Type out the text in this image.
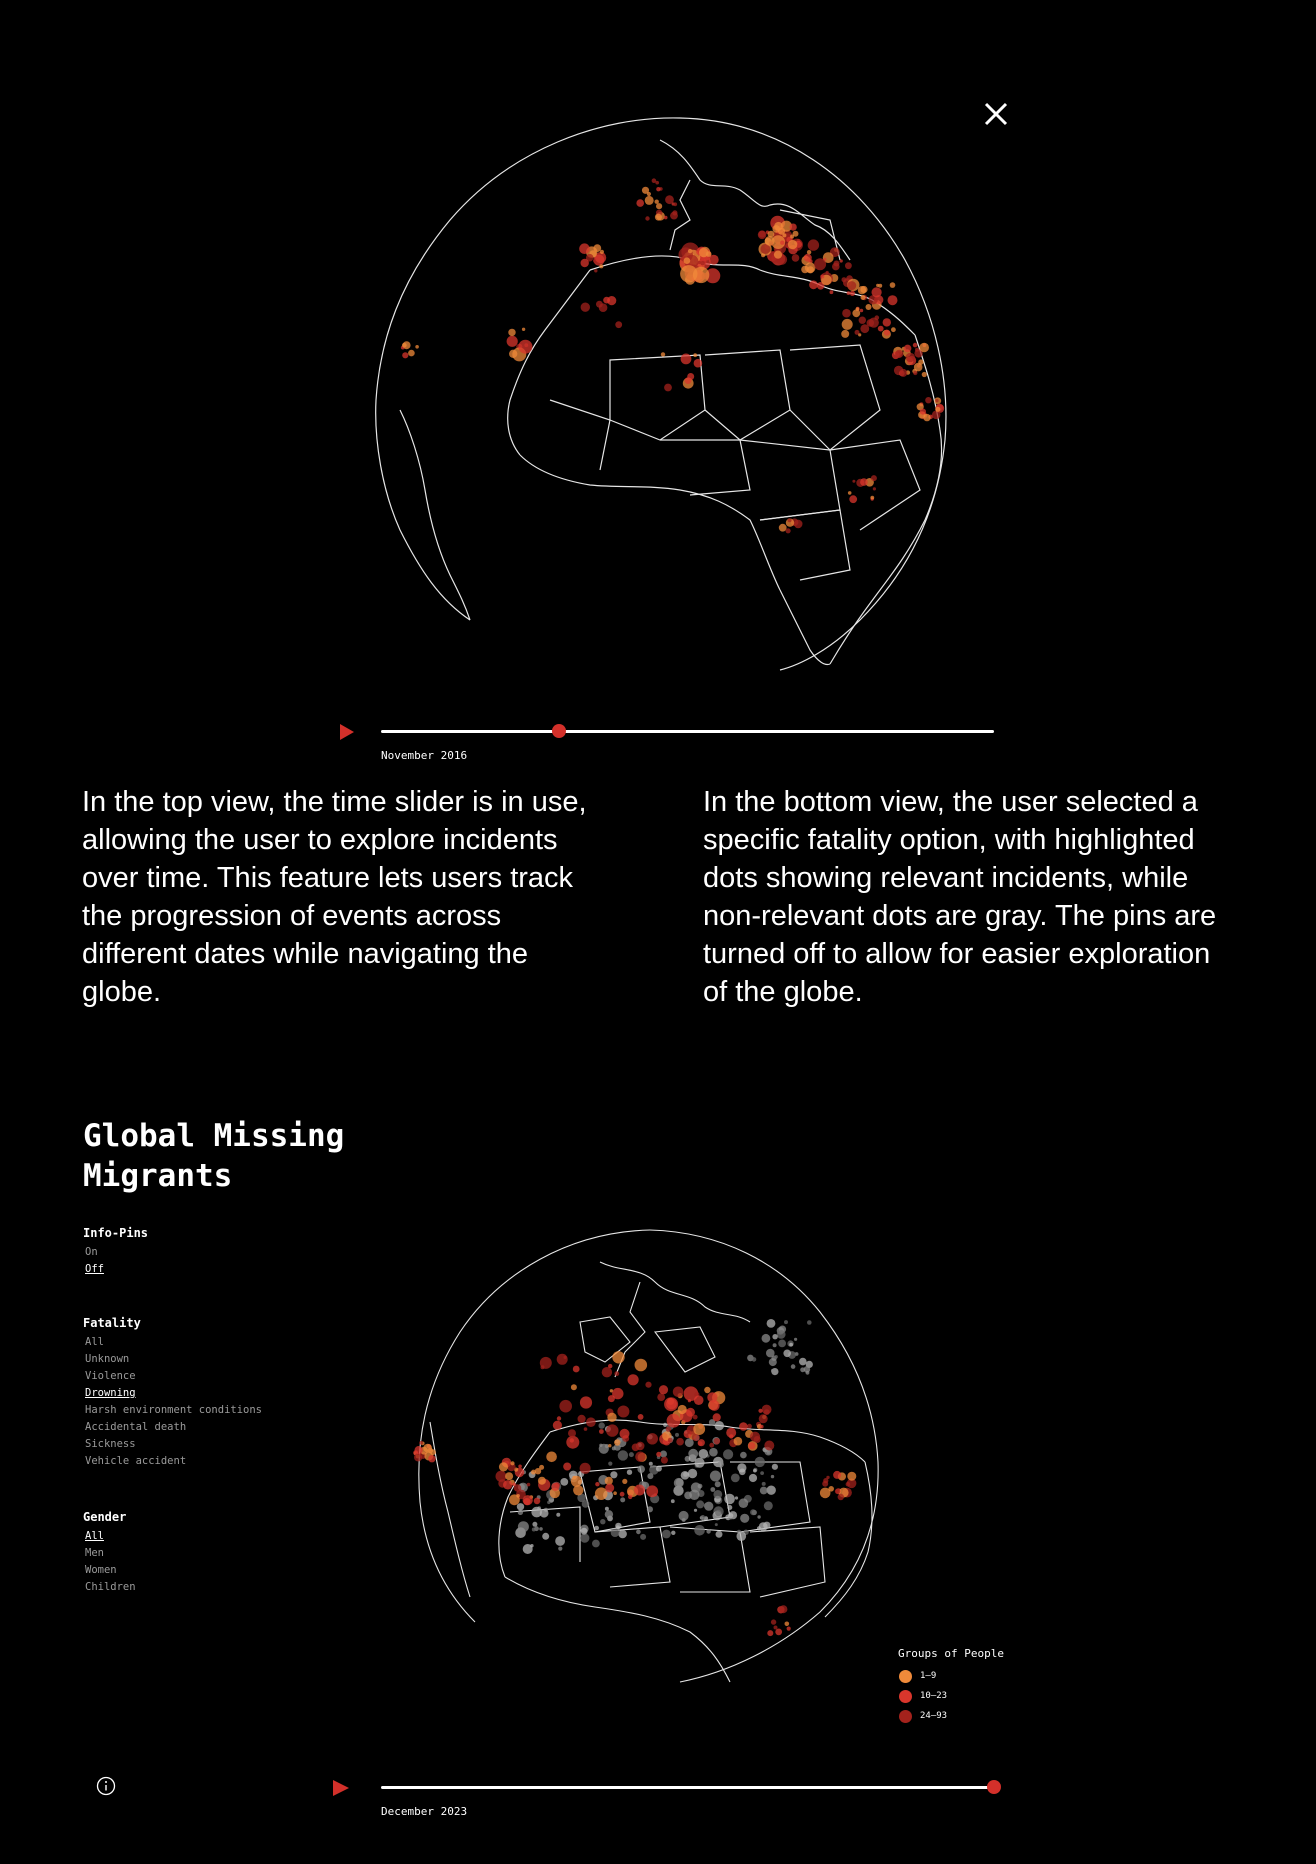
November 2016
In the top view, the time slider is in use, allowing the user to explore incidents over time. This feature lets users track the progression of events across different dates while navigating the globe.
In the bottom view, the user selected a specific fatality option, with highlighted dots showing relevant incidents, while non-relevant dots are gray. The pins are turned off to allow for easier exploration of the globe.
Global Missing
Migrants
Info-Pins
On
Off
Fatality
All
Unknown
Violence
Drowning
Harsh environment conditions
Accidental death
Sickness
Vehicle accident
Gender
All
Men
Women
Children
Groups of People
1–9
10–23
24–93
December 2023
